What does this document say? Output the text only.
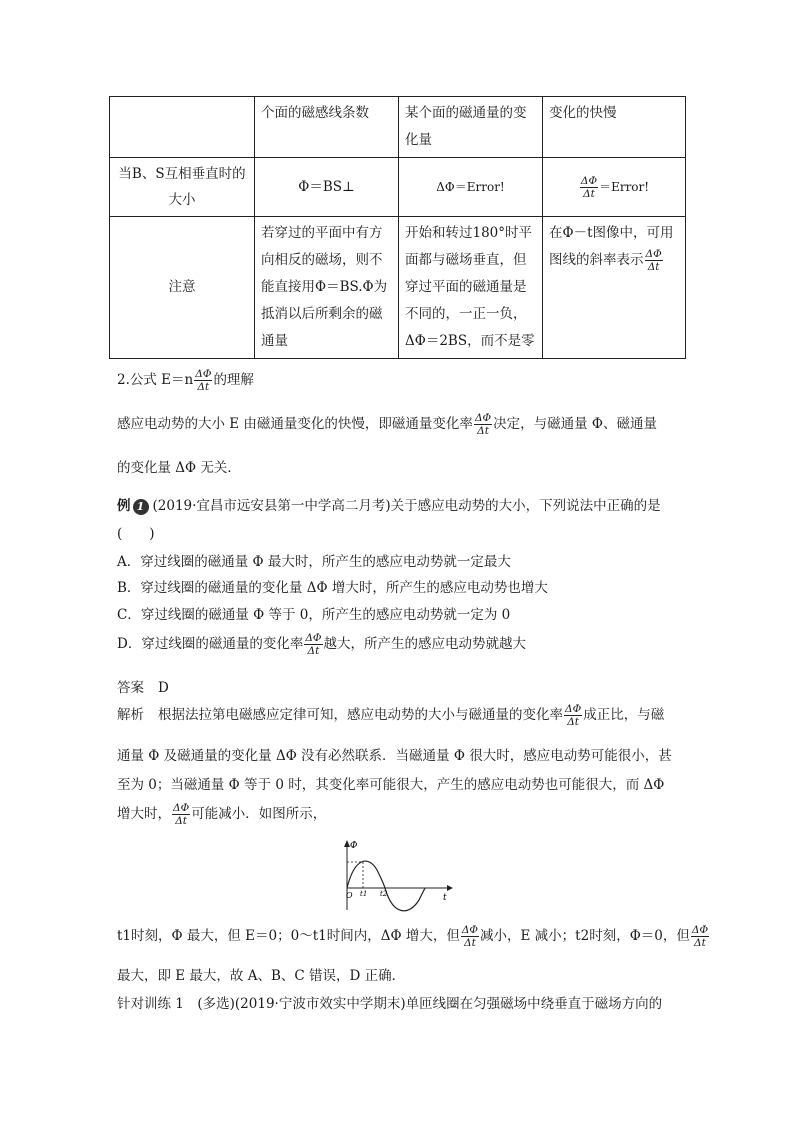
	个面的磁感线条数	某个面的磁通量的变化量	变化的快慢
当B、S互相垂直时的大小	Φ＝BS⊥	ΔΦ＝Error!	$\frac{\Delta\Phi}{\Delta t}$ ＝Error!
注意	若穿过的平面中有方向相反的磁场，则不能直接用Φ＝BS.Φ为抵消以后所剩余的磁通量	开始和转过180°时平面都与磁场垂直，但穿过平面的磁通量是不同的，一正一负，ΔΦ＝2BS，而不是零	在Φ－t图像中，可用图线的斜率表示 $\frac{\Delta\Phi}{\Delta t}$
2.公式 $E=n \frac{\Delta\Phi}{\Delta t}$ 的理解
感应电动势的大小 E 由磁通量变化的快慢，即磁通量变化率 $\frac{\Delta\Phi}{\Delta t}$ 决定，与磁通量 Φ、磁通量
的变化量 ΔΦ 无关．
例 1 (2019·宜昌市远安县第一中学高二月考)关于感应电动势的大小，下列说法中正确的是
(　　)
A．穿过线圈的磁通量 Φ 最大时，所产生的感应电动势就一定最大
B．穿过线圈的磁通量的变化量 ΔΦ 增大时，所产生的感应电动势也增大
C．穿过线圈的磁通量 Φ 等于 0，所产生的感应电动势就一定为 0
D．穿过线圈的磁通量的变化率 $\frac{\Delta\Phi}{\Delta t}$ 越大，所产生的感应电动势就越大
答案 D
解析 根据法拉第电磁感应定律可知，感应电动势的大小与磁通量的变化率 $\frac{\Delta\Phi}{\Delta t}$ 成正比，与磁
通量 Φ 及磁通量的变化量 ΔΦ 没有必然联系．当磁通量 Φ 很大时，感应电动势可能很小，甚
至为 0；当磁通量 Φ 等于 0 时，其变化率可能很大，产生的感应电动势也可能很大，而 ΔΦ
增大时， $\frac{\Delta\Phi}{\Delta t}$ 可能减小．如图所示，
Φ
t
O t1 t2
t1时刻，Φ 最大，但 E＝0；0～t1时间内，ΔΦ 增大，但 $\frac{\Delta\Phi}{\Delta t}$ 减小，E 减小；t2时刻，Φ＝0，但 $\frac{\Delta\Phi}{\Delta t}$
最大，即 E 最大，故 A、B、C 错误，D 正确．
针对训练 1　(多选)(2019·宁波市效实中学期末)单匝线圈在匀强磁场中绕垂直于磁场方向的
